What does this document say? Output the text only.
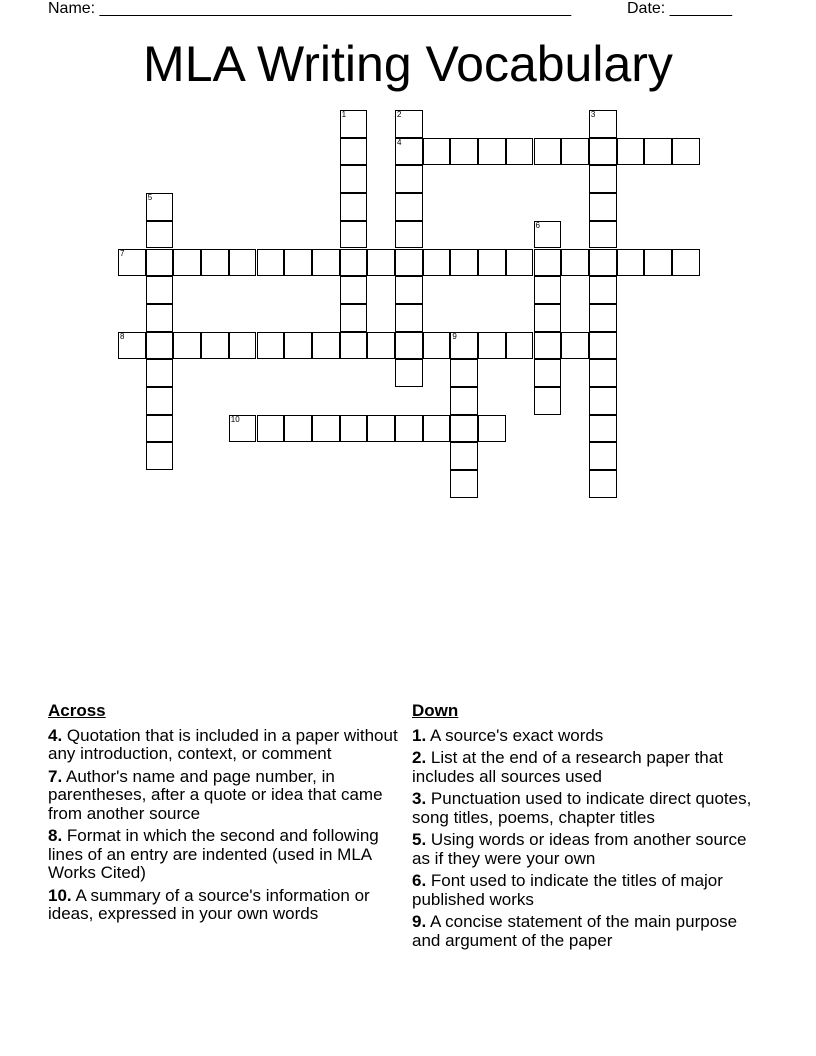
Name: _____________________________________________________	Date: _______
MLA Writing Vocabulary
4
7
8	9
10
1	2	3
5
6
Across
4. Quotation that is included in a paper without any introduction, context, or comment
7. Author's name and page number, in parentheses, after a quote or idea that came from another source
8. Format in which the second and following lines of an entry are indented (used in MLA Works Cited)
10. A summary of a source's information or ideas, expressed in your own words
Down
1. A source's exact words
2. List at the end of a research paper that includes all sources used
3. Punctuation used to indicate direct quotes, song titles, poems, chapter titles
5. Using words or ideas from another source as if they were your own
6. Font used to indicate the titles of major published works
9. A concise statement of the main purpose and argument of the paper
